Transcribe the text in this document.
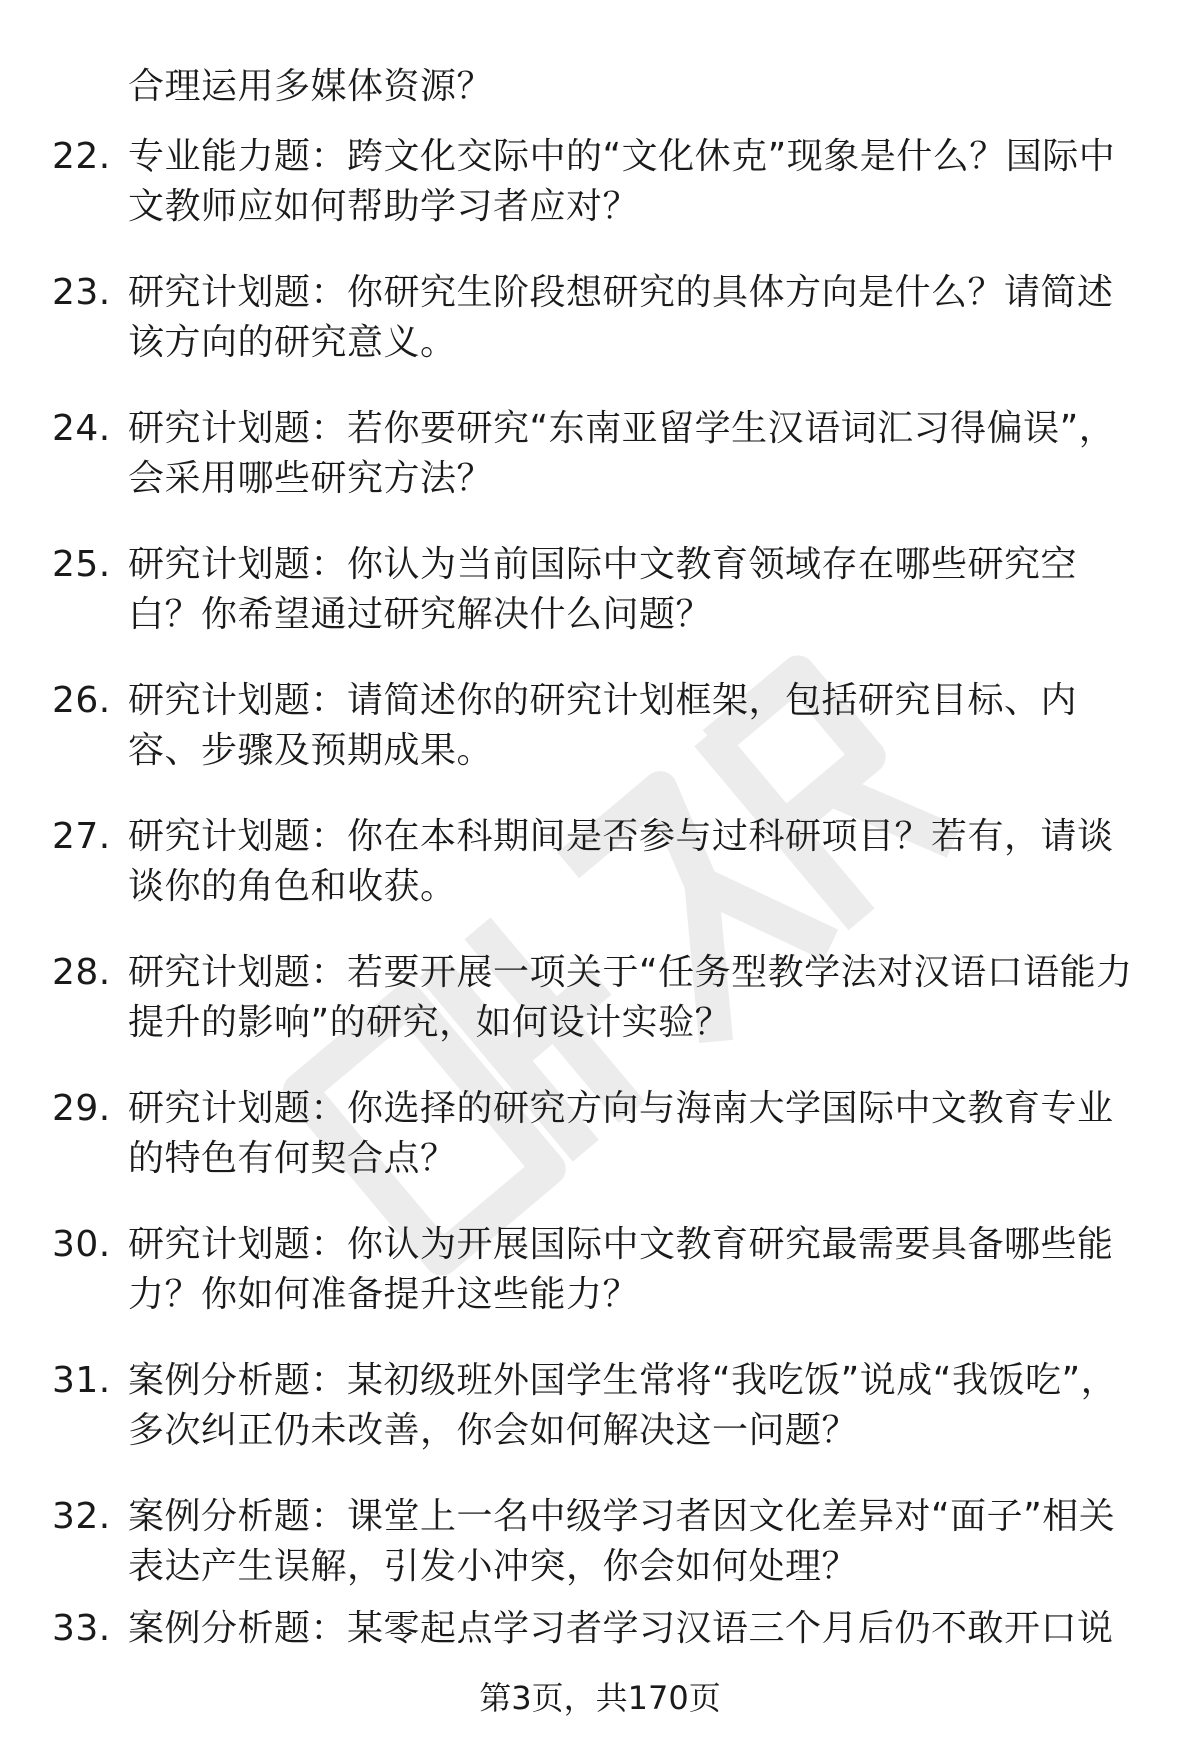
合理运用多媒体资源？
22. 专业能力题：跨文化交际中的“文化休克”现象是什么？国际中文教师应如何帮助学习者应对？
23. 研究计划题：你研究生阶段想研究的具体方向是什么？请简述该方向的研究意义。
24. 研究计划题：若你要研究“东南亚留学生汉语词汇习得偏误”，会采用哪些研究方法？
25. 研究计划题：你认为当前国际中文教育领域存在哪些研究空白？你希望通过研究解决什么问题？
26. 研究计划题：请简述你的研究计划框架，包括研究目标、内容、步骤及预期成果。
27. 研究计划题：你在本科期间是否参与过科研项目？若有，请谈谈你的角色和收获。
28. 研究计划题：若要开展一项关于“任务型教学法对汉语口语能力提升的影响”的研究，如何设计实验？
29. 研究计划题：你选择的研究方向与海南大学国际中文教育专业的特色有何契合点？
30. 研究计划题：你认为开展国际中文教育研究最需要具备哪些能力？你如何准备提升这些能力？
31. 案例分析题：某初级班外国学生常将“我吃饭”说成“我饭吃”，多次纠正仍未改善，你会如何解决这一问题？
32. 案例分析题：课堂上一名中级学习者因文化差异对“面子”相关表达产生误解，引发小冲突，你会如何处理？
33. 案例分析题：某零起点学习者学习汉语三个月后仍不敢开口说
第3页，共170页
